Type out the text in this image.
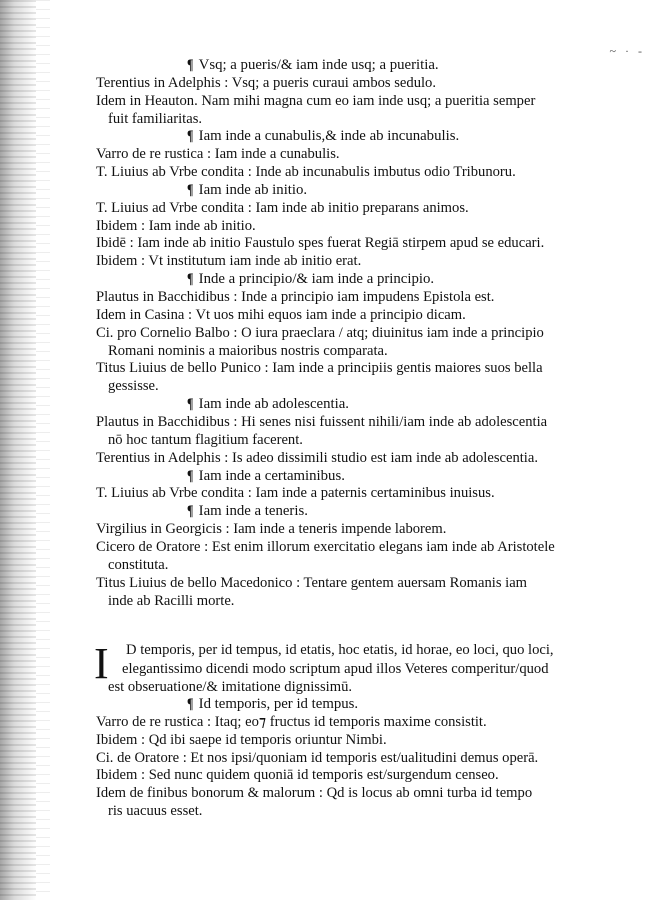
~ · -
¶ Vsq; a pueris/& iam inde usq; a pueritia.
Terentius in Adelphis : Vsq; a pueris curaui ambos sedulo.
Idem in Heauton. Nam mihi magna cum eo iam inde usq; a pueritia semper
fuit familiaritas.
¶ Iam inde a cunabulis,& inde ab incunabulis.
Varro de re rustica : Iam inde a cunabulis.
T. Liuius ab Vrbe condita : Inde ab incunabulis imbutus odio Tribunoru.
¶ Iam inde ab initio.
T. Liuius ad Vrbe condita : Iam inde ab initio preparans animos.
Ibidem : Iam inde ab initio.
Ibidē : Iam inde ab initio Faustulo spes fuerat Regiā stirpem apud se educari.
Ibidem : Vt institutum iam inde ab initio erat.
¶ Inde a principio/& iam inde a principio.
Plautus in Bacchidibus : Inde a principio iam impudens Epistola est.
Idem in Casina : Vt uos mihi equos iam inde a principio dicam.
Ci. pro Cornelio Balbo : O iura praeclara / atq; diuinitus iam inde a principio
Romani nominis a maioribus nostris comparata.
Titus Liuius de bello Punico : Iam inde a principiis gentis maiores suos bella
gessisse.
¶ Iam inde ab adolescentia.
Plautus in Bacchidibus : Hi senes nisi fuissent nihili/iam inde ab adolescentia
nō hoc tantum flagitium facerent.
Terentius in Adelphis : Is adeo dissimili studio est iam inde ab adolescentia.
¶ Iam inde a certaminibus.
T. Liuius ab Vrbe condita : Iam inde a paternis certaminibus inuisus.
¶ Iam inde a teneris.
Virgilius in Georgicis : Iam inde a teneris impende laborem.
Cicero de Oratore : Est enim illorum exercitatio elegans iam inde ab Aristotele
constituta.
Titus Liuius de bello Macedonico : Tentare gentem auersam Romanis iam
inde ab Racilli morte.
D temporis, per id tempus, id etatis, hoc etatis, id horae, eo loci, quo loci,
elegantissimo dicendi modo scriptum apud illos Veteres comperitur/quod
est obseruatione/& imitatione dignissimū.
¶ Id temporis, per id tempus.
Varro de re rustica : Itaq; eo⁊ fructus id temporis maxime consistit.
Ibidem : Qd ibi saepe id temporis oriuntur Nimbi.
Ci. de Oratore : Et nos ipsi/quoniam id temporis est/ualitudini demus operā.
Ibidem : Sed nunc quidem quoniā id temporis est/surgendum censeo.
Idem de finibus bonorum & malorum : Qd is locus ab omni turba id tempo
ris uacuus esset.
I
